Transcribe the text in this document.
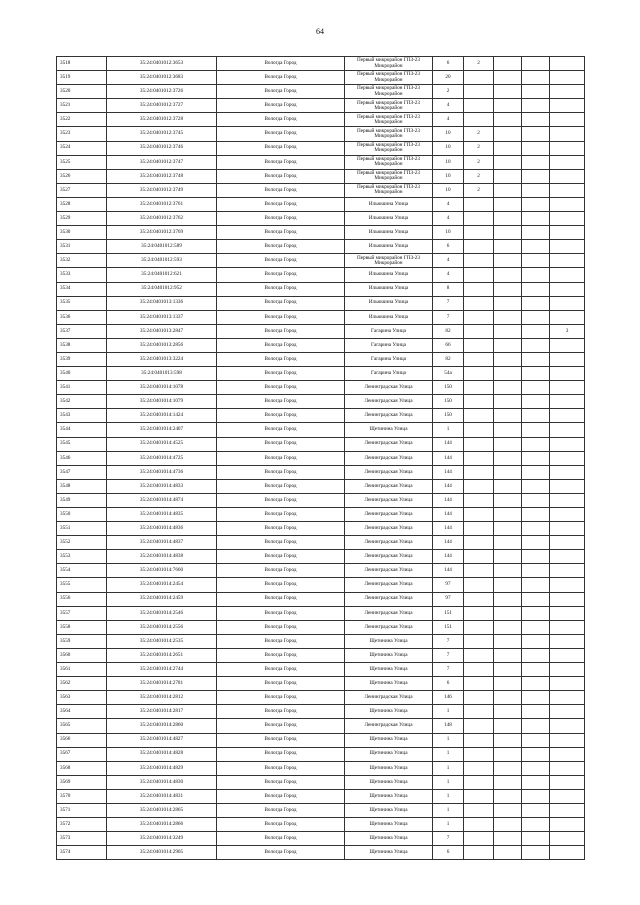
64
3518	35:24:0401012:3653	Вологда Город	Первый микрорайон ГПЗ-23 Микрорайон	6	2			
3519	35:24:0401012:3683	Вологда Город	Первый микрорайон ГПЗ-23 Микрорайон	20				
3520	35:24:0401012:3726	Вологда Город	Первый микрорайон ГПЗ-23 Микрорайон	2				
3521	35:24:0401012:3727	Вологда Город	Первый микрорайон ГПЗ-23 Микрорайон	4				
3522	35:24:0401012:3728	Вологда Город	Первый микрорайон ГПЗ-23 Микрорайон	4				
3523	35:24:0401012:3745	Вологда Город	Первый микрорайон ГПЗ-23 Микрорайон	10	2			
3524	35:24:0401012:3746	Вологда Город	Первый микрорайон ГПЗ-23 Микрорайон	10	2			
3525	35:24:0401012:3747	Вологда Город	Первый микрорайон ГПЗ-23 Микрорайон	10	2			
3526	35:24:0401012:3748	Вологда Город	Первый микрорайон ГПЗ-23 Микрорайон	10	2			
3527	35:24:0401012:3749	Вологда Город	Первый микрорайон ГПЗ-23 Микрорайон	10	2			
3528	35:24:0401012:3761	Вологда Город	Ильюшина Улица	4				
3529	35:24:0401012:3762	Вологда Город	Ильюшина Улица	4				
3530	35:24:0401012:3769	Вологда Город	Ильюшина Улица	10				
3531	35:24:0401012:589	Вологда Город	Ильюшина Улица	6				
3532	35:24:0401012:593	Вологда Город	Первый микрорайон ГПЗ-23 Микрорайон	4				
3533	35:24:0401012:621	Вологда Город	Ильюшина Улица	4				
3534	35:24:0401012:952	Вологда Город	Ильюшина Улица	8				
3535	35:24:0401013:1336	Вологда Город	Ильюшина Улица	7				
3536	35:24:0401013:1337	Вологда Город	Ильюшина Улица	7				
3537	35:24:0401013:2847	Вологда Город	Гагарина Улица	82				3
3538	35:24:0401013:2856	Вологда Город	Гагарина Улица	66				
3539	35:24:0401013:3224	Вологда Город	Гагарина Улица	82				
3540	35:24:0401013:598	Вологда Город	Гагарина Улица	54а				
3541	35:24:0401014:1078	Вологда Город	Ленинградская Улица	150				
3542	35:24:0401014:1079	Вологда Город	Ленинградская Улица	150				
3543	35:24:0401014:1424	Вологда Город	Ленинградская Улица	150				
3544	35:24:0401014:2407	Вологда Город	Щетинина Улица	1				
3545	35:24:0401014:4525	Вологда Город	Ленинградская Улица	144				
3546	35:24:0401014:4725	Вологда Город	Ленинградская Улица	144				
3547	35:24:0401014:4736	Вологда Город	Ленинградская Улица	144				
3548	35:24:0401014:4833	Вологда Город	Ленинградская Улица	144				
3549	35:24:0401014:4874	Вологда Город	Ленинградская Улица	144				
3550	35:24:0401014:4835	Вологда Город	Ленинградская Улица	144				
3551	35:24:0401014:4836	Вологда Город	Ленинградская Улица	144				
3552	35:24:0401014:4837	Вологда Город	Ленинградская Улица	144				
3553	35:24:0401014:4838	Вологда Город	Ленинградская Улица	144				
3554	35:24:0401014:7660	Вологда Город	Ленинградская Улица	144				
3555	35:24:0401014:2454	Вологда Город	Ленинградская Улица	97				
3556	35:24:0401014:2459	Вологда Город	Ленинградская Улица	97				
3557	35:24:0401014:2546	Вологда Город	Ленинградская Улица	151				
3558	35:24:0401014:2556	Вологда Город	Ленинградская Улица	151				
3559	35:24:0401014:2535	Вологда Город	Щетинина Улица	7				
3560	35:24:0401014:2651	Вологда Город	Щетинина Улица	7				
3561	35:24:0401014:2744	Вологда Город	Щетинина Улица	7				
3562	35:24:0401014:2781	Вологда Город	Щетинина Улица	6				
3563	35:24:0401014:2812	Вологда Город	Ленинградская Улица	146				
3564	35:24:0401014:2817	Вологда Город	Щетинина Улица	1				
3565	35:24:0401014:2860	Вологда Город	Ленинградская Улица	148				
3566	35:24:0401014:4827	Вологда Город	Щетинина Улица	1				
3567	35:24:0401014:4828	Вологда Город	Щетинина Улица	1				
3568	35:24:0401014:4829	Вологда Город	Щетинина Улица	1				
3569	35:24:0401014:4830	Вологда Город	Щетинина Улица	1				
3570	35:24:0401014:4831	Вологда Город	Щетинина Улица	1				
3571	35:24:0401014:2865	Вологда Город	Щетинина Улица	1				
3572	35:24:0401014:2866	Вологда Город	Щетинина Улица	1				
3573	35:24:0401014:3249	Вологда Город	Щетинина Улица	7				
3574	35:24:0401014:2905	Вологда Город	Щетинина Улица	6				
